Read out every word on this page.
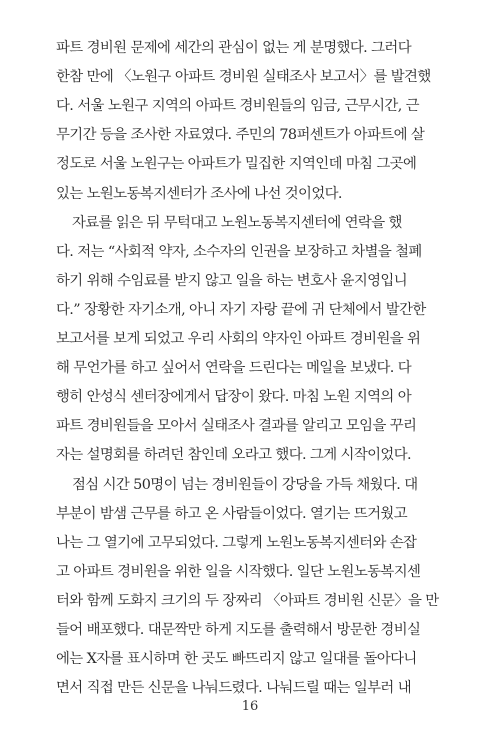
파트 경비원 문제에 세간의 관심이 없는 게 분명했다. 그러다
한참 만에 〈노원구 아파트 경비원 실태조사 보고서〉를 발견했
다. 서울 노원구 지역의 아파트 경비원들의 임금, 근무시간, 근
무기간 등을 조사한 자료였다. 주민의 78퍼센트가 아파트에 살
정도로 서울 노원구는 아파트가 밀집한 지역인데 마침 그곳에
있는 노원노동복지센터가 조사에 나선 것이었다.
자료를 읽은 뒤 무턱대고 노원노동복지센터에 연락을 했
다. 저는 “사회적 약자, 소수자의 인권을 보장하고 차별을 철폐
하기 위해 수임료를 받지 않고 일을 하는 변호사 윤지영입니
다.” 장황한 자기소개, 아니 자기 자랑 끝에 귀 단체에서 발간한
보고서를 보게 되었고 우리 사회의 약자인 아파트 경비원을 위
해 무언가를 하고 싶어서 연락을 드린다는 메일을 보냈다. 다
행히 안성식 센터장에게서 답장이 왔다. 마침 노원 지역의 아
파트 경비원들을 모아서 실태조사 결과를 알리고 모임을 꾸리
자는 설명회를 하려던 참인데 오라고 했다. 그게 시작이었다.
점심 시간 50명이 넘는 경비원들이 강당을 가득 채웠다. 대
부분이 밤샘 근무를 하고 온 사람들이었다. 열기는 뜨거웠고
나는 그 열기에 고무되었다. 그렇게 노원노동복지센터와 손잡
고 아파트 경비원을 위한 일을 시작했다. 일단 노원노동복지센
터와 함께 도화지 크기의 두 장짜리 〈아파트 경비원 신문〉을 만
들어 배포했다. 대문짝만 하게 지도를 출력해서 방문한 경비실
에는 X자를 표시하며 한 곳도 빠뜨리지 않고 일대를 돌아다니
면서 직접 만든 신문을 나눠드렸다. 나눠드릴 때는 일부러 내
16
